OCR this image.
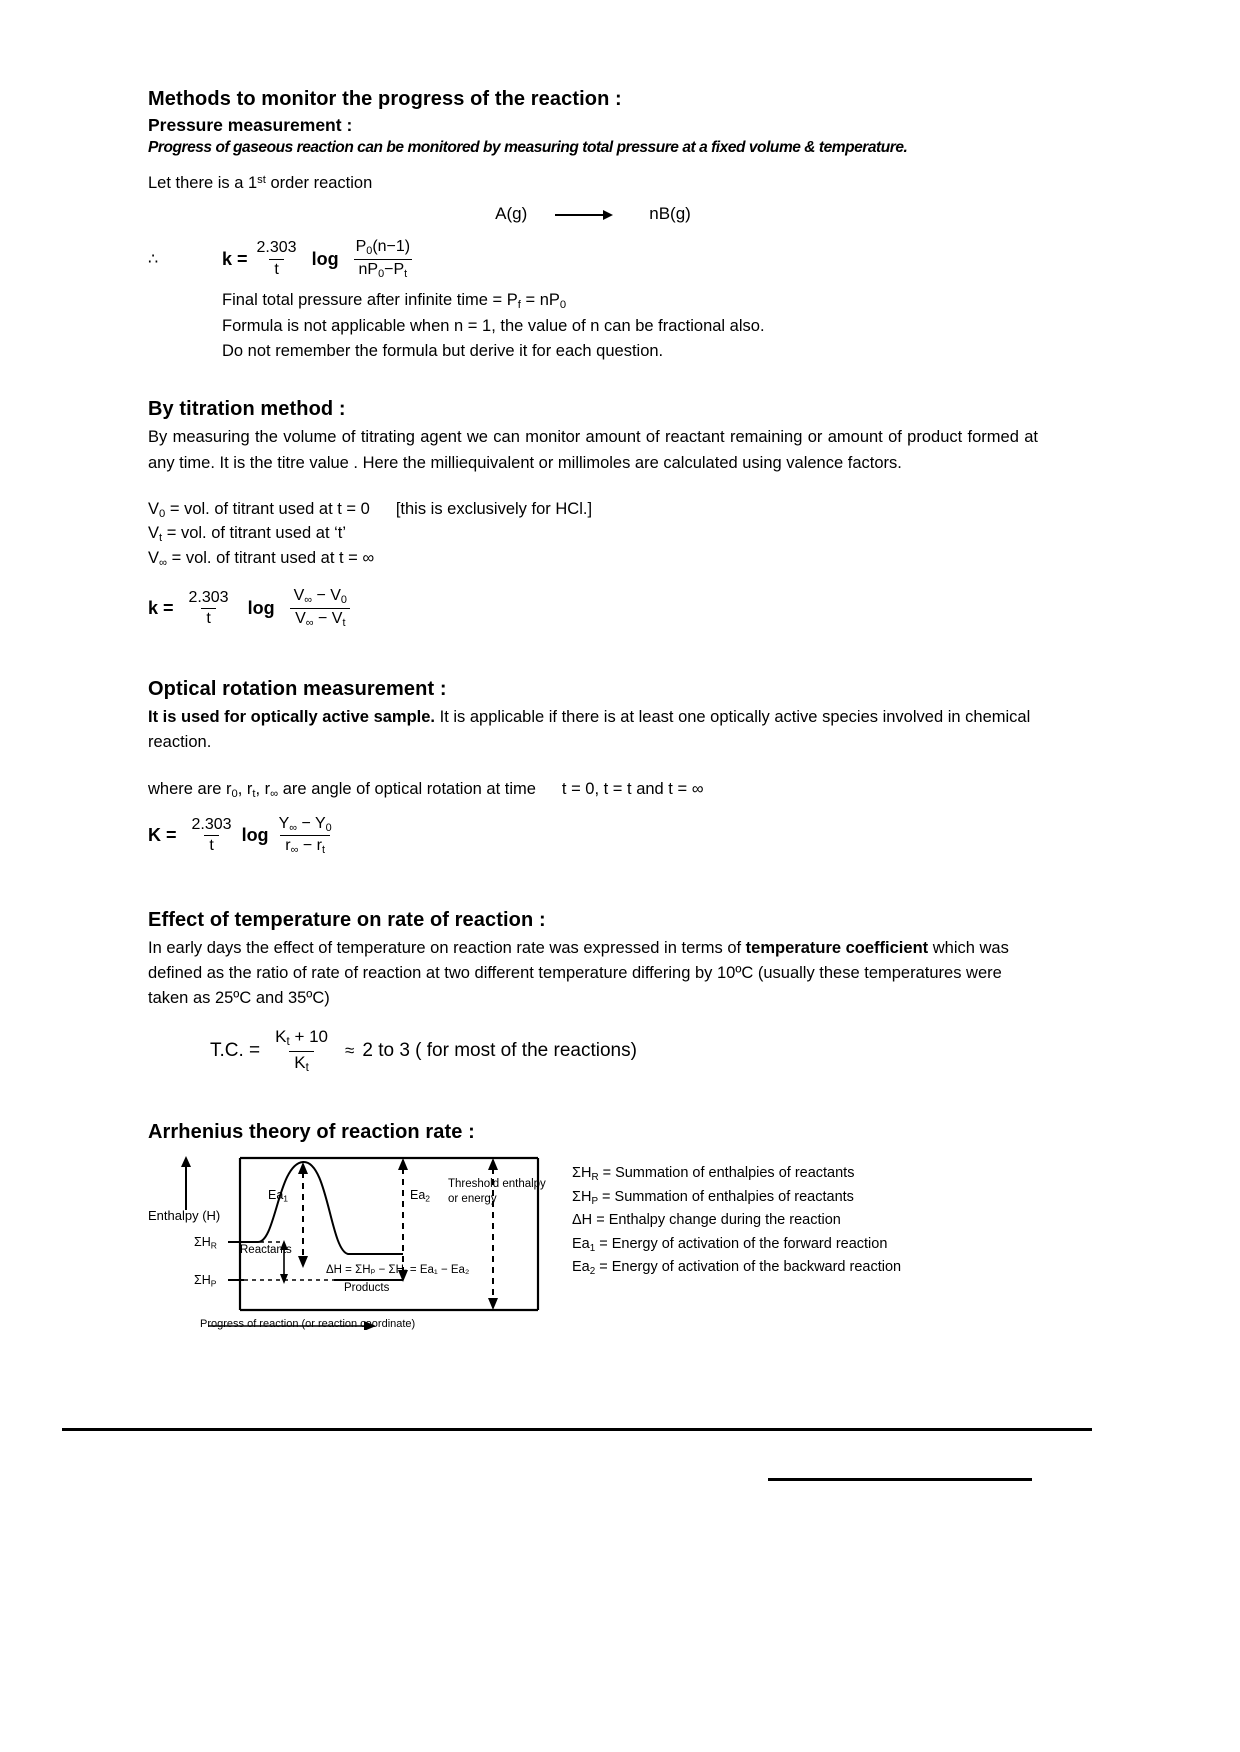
Methods to monitor the progress of the reaction :
Pressure measurement :

Progress of gaseous reaction can be monitored by measuring total pressure at a fixed volume & temperature.

Let there is a 1st order reaction

A(g)	nB(g)
∴	$k = \frac{2.303}{t}$ $\log \frac{P_0(n-1)}{nP_0-P_t}$

Final total pressure after infinite time = $P_f = nP_0$

Formula is not applicable when n = 1, the value of n can be fractional also.

Do not remember the formula but derive it for each question.

By titration method :

By measuring the volume of titrating agent we can monitor amount of reactant remaining or amount of product formed at any time. It is the titre value . Here the milliequivalent or millimoles are calculated using valence factors.

$V_0$ = vol. of titrant used at t = 0 [this is exclusively for HCl.]

$V_t$ = vol. of titrant used at ‘t’

$V_\infty$ = vol. of titrant used at t = ∞

$k = \frac{2.303}{t}$ $\log \frac{V_\infty - V_0}{V_\infty - V_t}$
Optical rotation measurement :

It is used for optically active sample. It is applicable if there is at least one optically active species involved in chemical reaction.

where are $r_0$, $r_t$, $r_\infty$ are angle of optical rotation at time t = 0, t = t and t = ∞

$K = \frac{2.303}{t}$ $\log \frac{Y_\infty - Y_0}{r_\infty - r_t}$
Effect of temperature on rate of reaction :

In early days the effect of temperature on reaction rate was expressed in terms of temperature coefficient which was defined as the ratio of rate of reaction at two different temperature differing by 10ºC (usually these temperatures were taken as 25ºC and 35ºC)

T.C. = $\frac{K_t + 10}{K_t} \approx 2$ to 3 ( for most of the reactions)
Arrhenius theory of reaction rate :
Enthalpy (H)
$\Sigma H_R$
$\Sigma H_P$
$Ea_1$	$Ea_2$
Threshold enthalpy
or energy
Reactants
Products
ΔH = ΣHₚ − ΣHᵣ = Ea₁ − Ea₂
Progress of reaction (or reaction coordinate)
$\Sigma H_R$ = Summation of enthalpies of reactants
$\Sigma H_P$ = Summation of enthalpies of reactants
ΔH = Enthalpy change during the reaction
$Ea_1$ = Energy of activation of the forward reaction
$Ea_2$ = Energy of activation of the backward reaction
